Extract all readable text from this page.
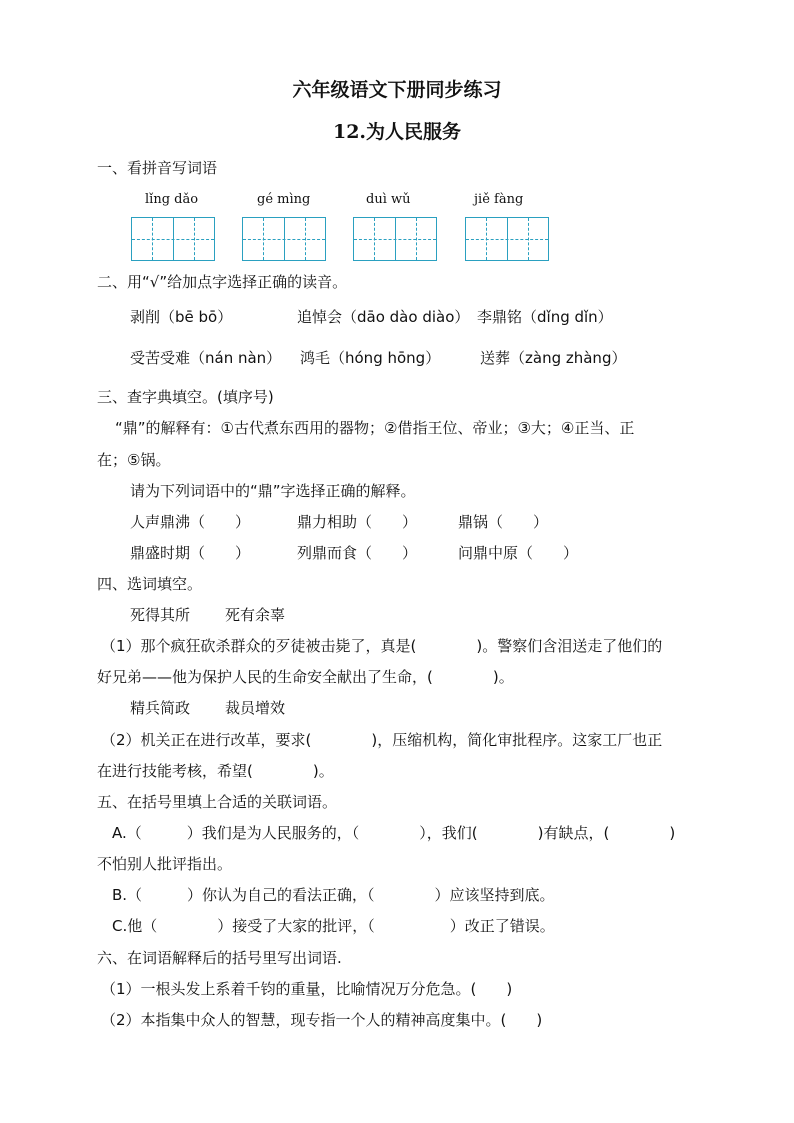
六年级语文下册同步练习
12.为人民服务
一、看拼音写词语
lǐng dǎo	gé mìng	duì wǔ	jiě fàng
二、用“√”给加点字选择正确的读音。
剥削（bē bō）	追悼会（dāo dào diào） 李鼎铭（dǐng dǐn）
受苦受难（nán nàn） 鸿毛（hóng hōng）	送葬（zàng zhàng）
三、查字典填空。(填序号)
“鼎”的解释有：①古代煮东西用的器物；②借指王位、帝业；③大；④正当、正
在；⑤锅。
请为下列词语中的“鼎”字选择正确的解释。
人声鼎沸（　　）	鼎力相助（　　）	鼎锅（　　）
鼎盛时期（　　）	列鼎而食（　　）	问鼎中原（　　）
四、选词填空。
死得其所 死有余辜
（1）那个疯狂砍杀群众的歹徒被击毙了，真是(　　　　)。警察们含泪送走了他们的
好兄弟——他为保护人民的生命安全献出了生命，(　　　　)。
精兵简政 裁员增效
（2）机关正在进行改革，要求(　　　　)，压缩机构，简化审批程序。这家工厂也正
在进行技能考核，希望(　　　　)。
五、在括号里填上合适的关联词语。
A.（　　　）我们是为人民服务的，（　　　　），我们(　　　　)有缺点，(　　　　)
不怕别人批评指出。
B.（　　　）你认为自己的看法正确，（　　　　）应该坚持到底。
C.他（　　　　）接受了大家的批评，（　　　　　）改正了错误。
六、在词语解释后的括号里写出词语.
（1）一根头发上系着千钧的重量，比喻情况万分危急。(　　)
（2）本指集中众人的智慧，现专指一个人的精神高度集中。(　　)
